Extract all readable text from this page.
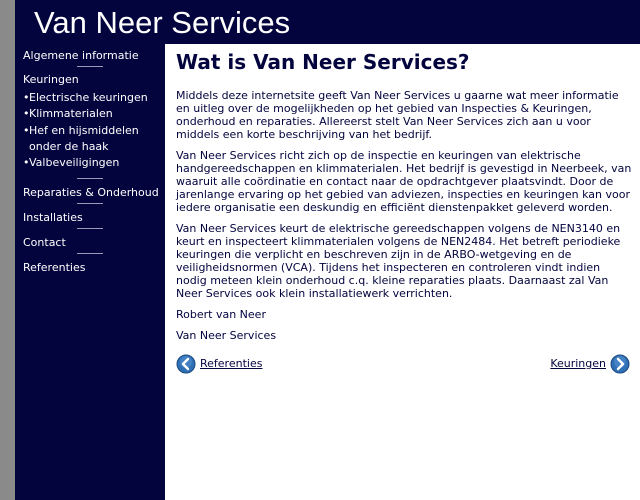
Van Neer Services
Algemene informatie
Keuringen
•Electrische keuringen
•Klimmaterialen
•Hef en hijsmiddelen
onder de haak
•Valbeveiligingen
Reparaties & Onderhoud
Installaties
Contact
Referenties
Wat is Van Neer Services?

Middels deze internetsite geeft Van Neer Services u gaarne wat meer informatie en uitleg over de mogelijkheden op het gebied van Inspecties & Keuringen, onderhoud en reparaties. Allereerst stelt Van Neer Services zich aan u voor middels een korte beschrijving van het bedrijf.

Van Neer Services richt zich op de inspectie en keuringen van elektrische handgereedschappen en klimmaterialen. Het bedrijf is gevestigd in Neerbeek, van waaruit alle coördinatie en contact naar de opdrachtgever plaatsvindt. Door de jarenlange ervaring op het gebied van adviezen, inspecties en keuringen kan voor iedere organisatie een deskundig en efficiënt dienstenpakket geleverd worden.

Van Neer Services keurt de elektrische gereedschappen volgens de NEN3140 en keurt en inspecteert klimmaterialen volgens de NEN2484. Het betreft periodieke keuringen die verplicht en beschreven zijn in de ARBO-wetgeving en de veiligheidsnormen (VCA). Tijdens het inspecteren en controleren vindt indien nodig meteen klein onderhoud c.q. kleine reparaties plaats. Daarnaast zal Van Neer Services ook klein installatiewerk verrichten.

Robert van Neer

Van Neer Services

Referenties	Keuringen
